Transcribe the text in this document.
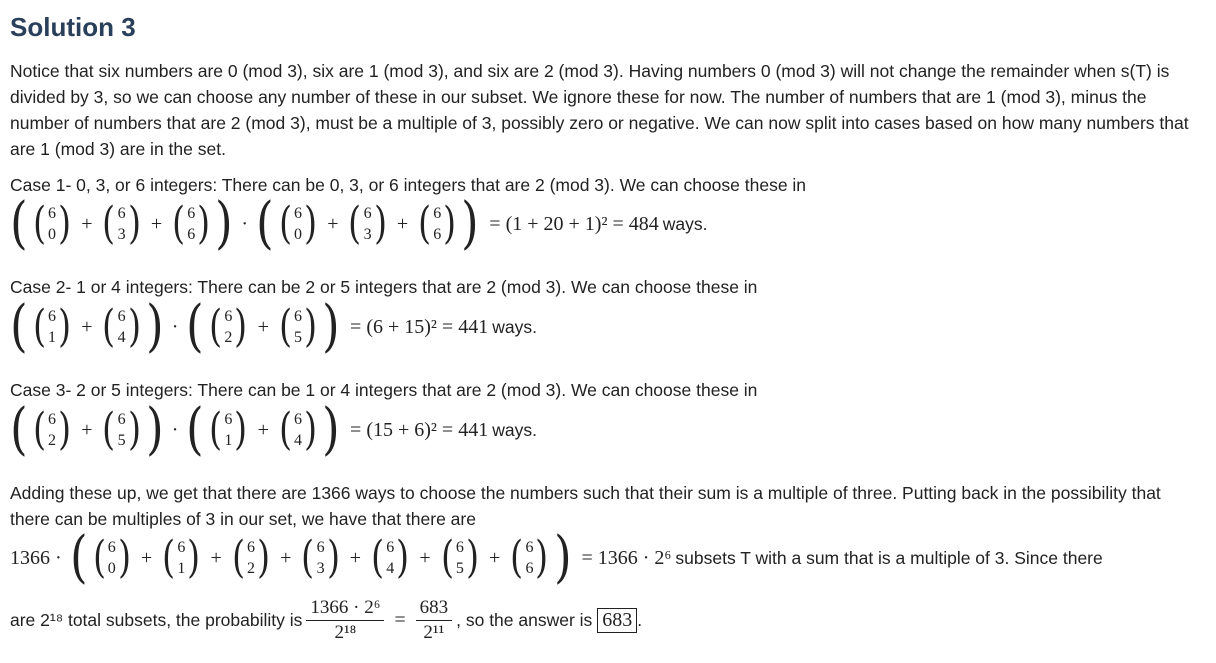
Solution 3

Notice that six numbers are 0 (mod 3), six are 1 (mod 3), and six are 2 (mod 3). Having numbers 0 (mod 3) will not change the remainder when s(T) is divided by 3, so we can choose any number of these in our subset. We ignore these for now. The number of numbers that are 1 (mod 3), minus the number of numbers that are 2 (mod 3), must be a multiple of 3, possibly zero or negative. We can now split into cases based on how many numbers that are 1 (mod 3) are in the set.

Case 1- 0, 3, or 6 integers: There can be 0, 3, or 6 integers that are 2 (mod 3). We can choose these in
( ( 6
0 ) + ( 6
3 ) + ( 6
6 ) ) · ( ( 6
0 ) + ( 6
3 ) + ( 6
6 ) ) = (1 + 20 + 1)² = 484 ways.
Case 2- 1 or 4 integers: There can be 2 or 5 integers that are 2 (mod 3). We can choose these in
( ( 6
1 ) + ( 6
4 ) ) · ( ( 6
2 ) + ( 6
5 ) ) = (6 + 15)² = 441 ways.
Case 3- 2 or 5 integers: There can be 1 or 4 integers that are 2 (mod 3). We can choose these in
( ( 6
2 ) + ( 6
5 ) ) · ( ( 6
1 ) + ( 6
4 ) ) = (15 + 6)² = 441 ways.

Adding these up, we get that there are 1366 ways to choose the numbers such that their sum is a multiple of three. Putting back in the possibility that there can be multiples of 3 in our set, we have that there are

1366 · ( ( 6
0 ) + ( 6
1 ) + ( 6
2 ) + ( 6
3 ) + ( 6
4 ) + ( 6
5 ) + ( 6
6 ) ) = 1366 · 2⁶ subsets T with a sum that is a multiple of 3. Since there
are 2¹⁸ total subsets, the probability is $\frac{\text{1366 · 2⁶}}{\text{2¹⁸}} = \frac{683}{\text{2¹¹}}$ , so the answer is 683 .
